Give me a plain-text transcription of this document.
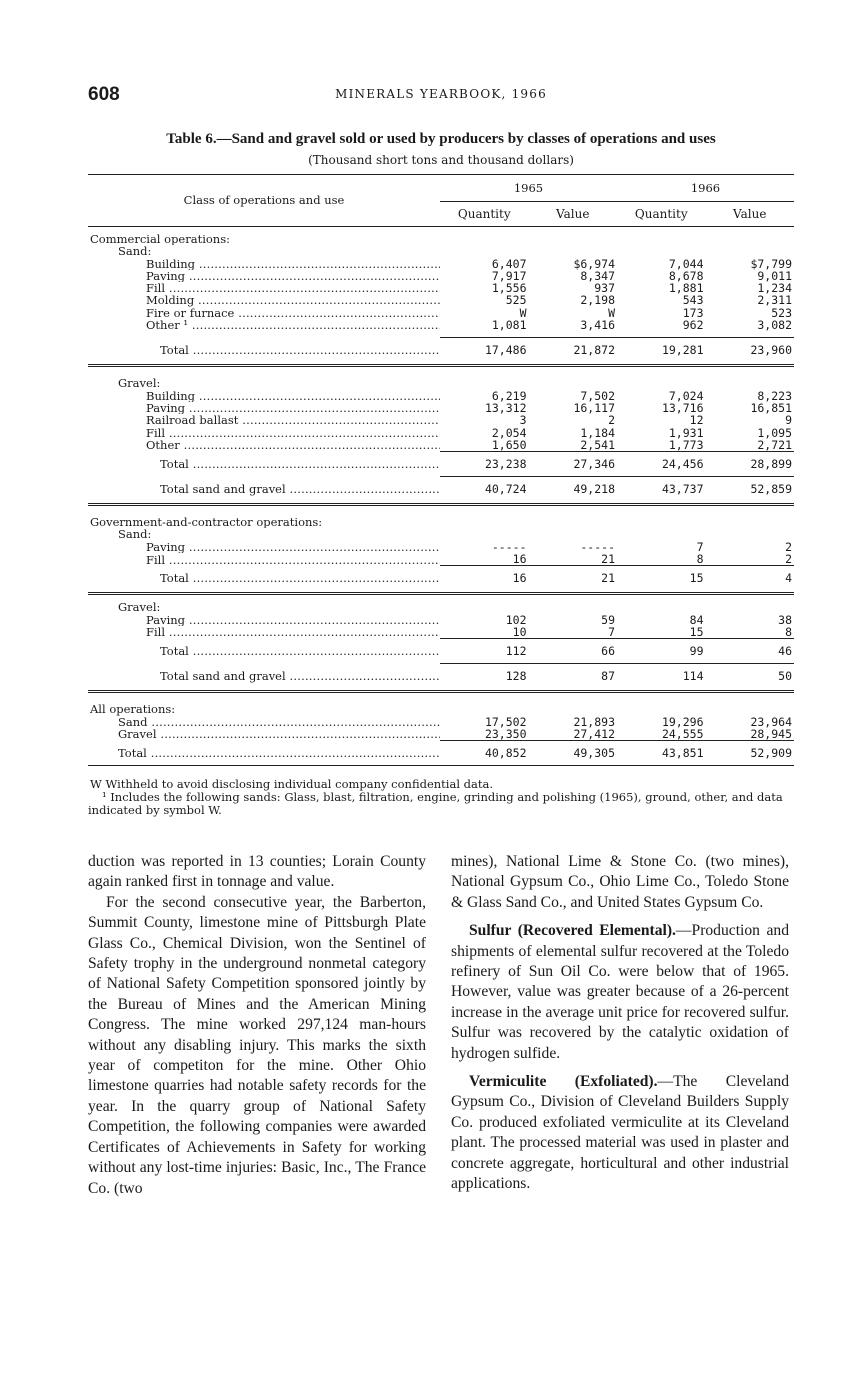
608	MINERALS YEARBOOK, 1966
Table 6.—Sand and gravel sold or used by producers by classes of operations and uses
(Thousand short tons and thousand dollars)
Class of operations and use	1965		1966	
	Quantity	Value	Quantity	Value

Commercial operations:				
Sand:				
Building .....	6,407	$6,974	7,044	$7,799
Paving .....	7,917	8,347	8,678	9,011
Fill .....	1,556	937	1,881	1,234
Molding .....	525	2,198	543	2,311
Fire or furnace .....	W	W	173	523
Other ¹ .....	1,081	3,416	962	3,082

Total .....	17,486	21,872	19,281	23,960

Gravel:				
Building .....	6,219	7,502	7,024	8,223
Paving .....	13,312	16,117	13,716	16,851
Railroad ballast .....	3	2	12	9
Fill .....	2,054	1,184	1,931	1,095
Other .....	1,650	2,541	1,773	2,721
Total .....	23,238	27,346	24,456	28,899
Total sand and gravel .....	40,724	49,218	43,737	52,859

Government-and-contractor operations:				
Sand:				
Paving .....	-----	-----	7	2
Fill .....	16	21	8	2
Total .....	16	21	15	4

Gravel:				
Paving .....	102	59	84	38
Fill .....	10	7	15	8
Total .....	112	66	99	46
Total sand and gravel .....	128	87	114	50

All operations:				
Sand .....	17,502	21,893	19,296	23,964
Gravel .....	23,350	27,412	24,555	28,945
Total .....	40,852	49,305	43,851	52,909
W Withheld to avoid disclosing individual company confidential data.
¹ Includes the following sands: Glass, blast, filtration, engine, grinding and polishing (1965), ground, other, and data indicated by symbol W.

duction was reported in 13 counties; Lorain County again ranked first in tonnage and value.

For the second consecutive year, the Barberton, Summit County, limestone mine of Pittsburgh Plate Glass Co., Chemical Division, won the Sentinel of Safety trophy in the underground nonmetal category of National Safety Competition sponsored jointly by the Bureau of Mines and the American Mining Congress. The mine worked 297,124 man-hours without any disabling injury. This marks the sixth year of competiton for the mine. Other Ohio limestone quarries had notable safety records for the year. In the quarry group of National Safety Competition, the following companies were awarded Certificates of Achievements in Safety for working without any lost-time injuries: Basic, Inc., The France Co. (two

mines), National Lime & Stone Co. (two mines), National Gypsum Co., Ohio Lime Co., Toledo Stone & Glass Sand Co., and United States Gypsum Co.

Sulfur (Recovered Elemental).—Production and shipments of elemental sulfur recovered at the Toledo refinery of Sun Oil Co. were below that of 1965. However, value was greater because of a 26-percent increase in the average unit price for recovered sulfur. Sulfur was recovered by the catalytic oxidation of hydrogen sulfide.

Vermiculite (Exfoliated).—The Cleveland Gypsum Co., Division of Cleveland Builders Supply Co. produced exfoliated vermiculite at its Cleveland plant. The processed material was used in plaster and concrete aggregate, horticultural and other industrial applications.
